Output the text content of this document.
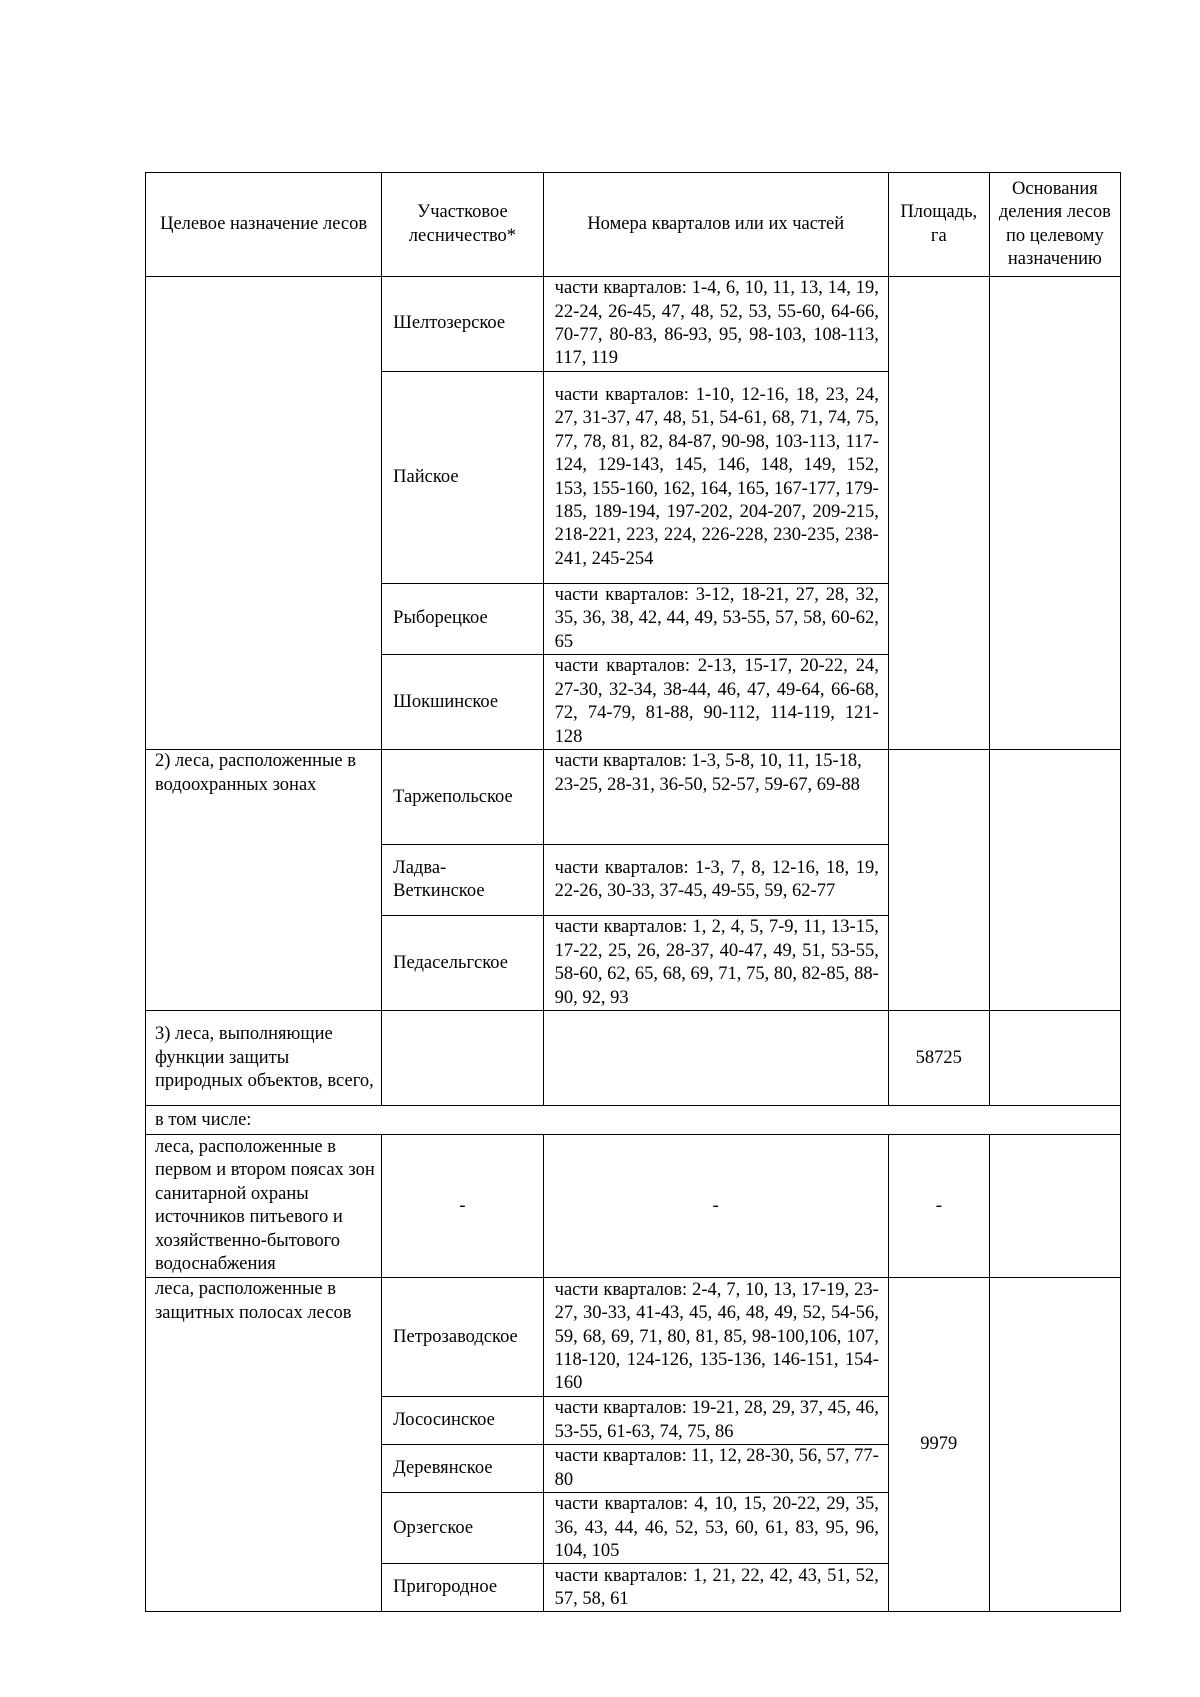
Целевое назначение лесов	Участковое лесничество*	Номера кварталов или их частей	Площадь, га	Основания деления лесов по целевому назначению
	Шелтозерское	части кварталов: 1-4, 6, 10, 11, 13, 14, 19, 22-24, 26-45, 47, 48, 52, 53, 55-60, 64-66, 70-77, 80-83, 86-93, 95, 98-103, 108-113, 117, 119		
	Пайское	части кварталов: 1-10, 12-16, 18, 23, 24, 27, 31-37, 47, 48, 51, 54-61, 68, 71, 74, 75, 77, 78, 81, 82, 84-87, 90-98, 103-113, 117-124, 129-143, 145, 146, 148, 149, 152, 153, 155-160, 162, 164, 165, 167-177, 179-185, 189-194, 197-202, 204-207, 209-215, 218-221, 223, 224, 226-228, 230-235, 238-241, 245-254		
	Рыборецкое	части кварталов: 3-12, 18-21, 27, 28, 32, 35, 36, 38, 42, 44, 49, 53-55, 57, 58, 60-62, 65		
	Шокшинское	части кварталов: 2-13, 15-17, 20-22, 24, 27-30, 32-34, 38-44, 46, 47, 49-64, 66-68, 72, 74-79, 81-88, 90-112, 114-119, 121-128		
2) леса, расположенные в водоохранных зонах	Таржепольское	части кварталов: 1-3, 5-8, 10, 11, 15-18, 23-25, 28-31, 36-50, 52-57, 59-67, 69-88		
	Ладва-Веткинское	части кварталов: 1-3, 7, 8, 12-16, 18, 19, 22-26, 30-33, 37-45, 49-55, 59, 62-77		
	Педасельгское	части кварталов: 1, 2, 4, 5, 7-9, 11, 13-15, 17-22, 25, 26, 28-37, 40-47, 49, 51, 53-55, 58-60, 62, 65, 68, 69, 71, 75, 80, 82-85, 88-90, 92, 93		
3) леса, выполняющие функции защиты природных объектов, всего,			58725	
в том числе:				
леса, расположенные в первом и втором поясах зон санитарной охраны источников питьевого и хозяйственно-бытового водоснабжения	-	-	-	
леса, расположенные в защитных полосах лесов	Петрозаводское	части кварталов: 2-4, 7, 10, 13, 17-19, 23-27, 30-33, 41-43, 45, 46, 48, 49, 52, 54-56, 59, 68, 69, 71, 80, 81, 85, 98-100,106, 107, 118-120, 124-126, 135-136, 146-151, 154-160	9979	
	Лососинское	части кварталов: 19-21, 28, 29, 37, 45, 46, 53-55, 61-63, 74, 75, 86		
	Деревянское	части кварталов: 11, 12, 28-30, 56, 57, 77-80		
	Орзегское	части кварталов: 4, 10, 15, 20-22, 29, 35, 36, 43, 44, 46, 52, 53, 60, 61, 83, 95, 96, 104, 105		
	Пригородное	части кварталов: 1, 21, 22, 42, 43, 51, 52, 57, 58, 61		
